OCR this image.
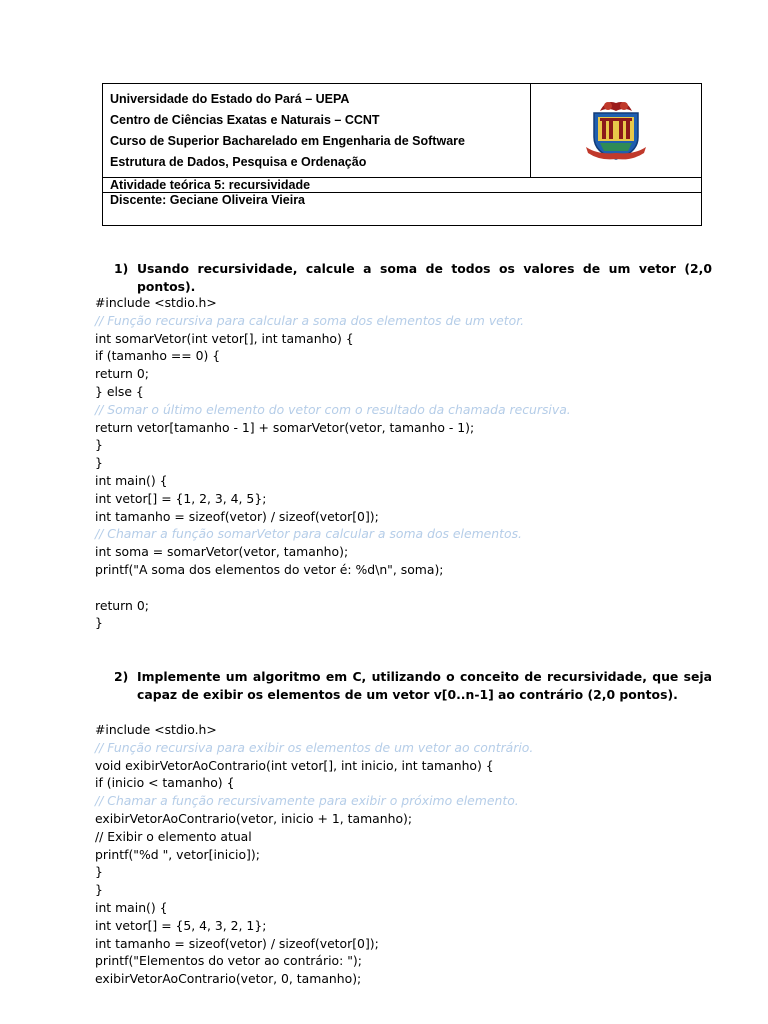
Universidade do Estado do Pará – UEPA
Centro de Ciências Exatas e Naturais – CCNT
Curso de Superior Bacharelado em Engenharia de Software
Estrutura de Dados, Pesquisa e Ordenação
Atividade teórica 5: recursividade
Discente: Geciane Oliveira Vieira
1) Usando recursividade, calcule a soma de todos os valores de um vetor (2,0 pontos).
#include <stdio.h>
// Função recursiva para calcular a soma dos elementos de um vetor.
int somarVetor(int vetor[], int tamanho) {
if (tamanho == 0) {
return 0;
} else {
// Somar o último elemento do vetor com o resultado da chamada recursiva.
return vetor[tamanho - 1] + somarVetor(vetor, tamanho - 1);
}
}
int main() {
int vetor[] = {1, 2, 3, 4, 5};
int tamanho = sizeof(vetor) / sizeof(vetor[0]);
// Chamar a função somarVetor para calcular a soma dos elementos.
int soma = somarVetor(vetor, tamanho);
printf("A soma dos elementos do vetor é: %d\n", soma);
return 0;
}
2) Implemente um algoritmo em C, utilizando o conceito de recursividade, que seja capaz de exibir os elementos de um vetor v[0..n-1] ao contrário (2,0 pontos).
#include <stdio.h>
// Função recursiva para exibir os elementos de um vetor ao contrário.
void exibirVetorAoContrario(int vetor[], int inicio, int tamanho) {
if (inicio < tamanho) {
// Chamar a função recursivamente para exibir o próximo elemento.
exibirVetorAoContrario(vetor, inicio + 1, tamanho);
// Exibir o elemento atual
printf("%d ", vetor[inicio]);
}
}
int main() {
int vetor[] = {5, 4, 3, 2, 1};
int tamanho = sizeof(vetor) / sizeof(vetor[0]);
printf("Elementos do vetor ao contrário: ");
exibirVetorAoContrario(vetor, 0, tamanho);
